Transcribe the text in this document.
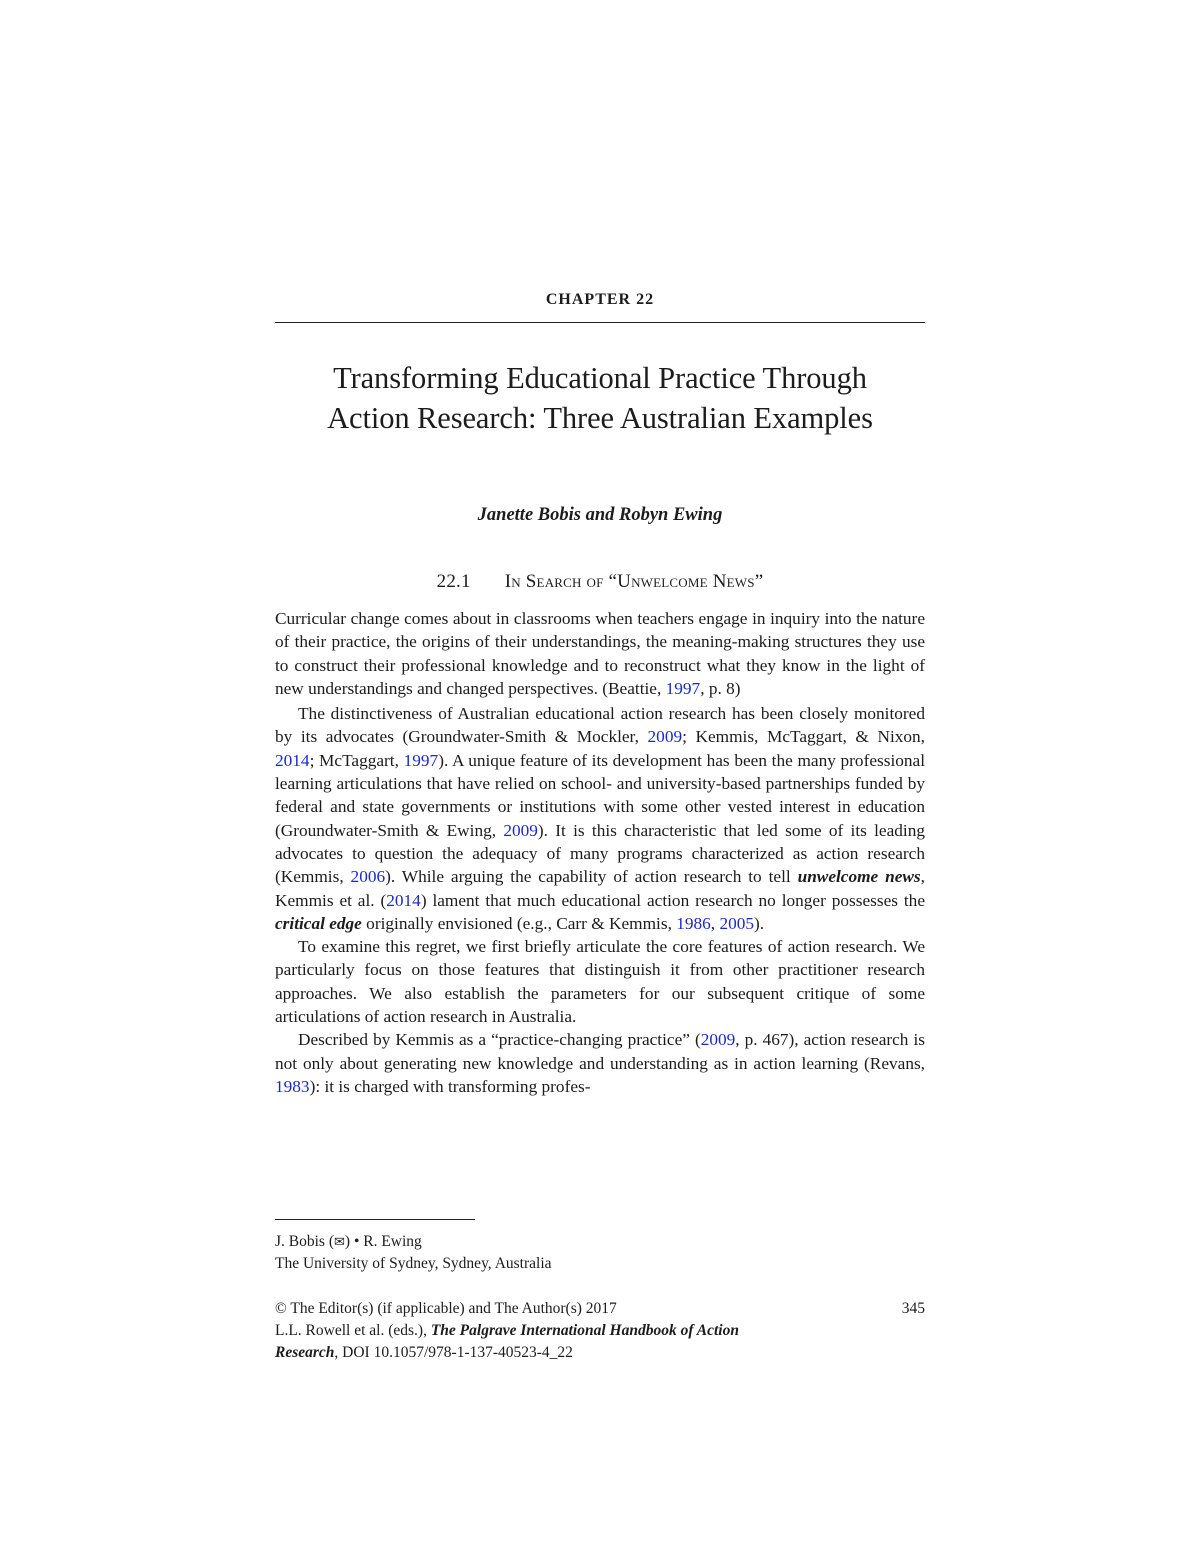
CHAPTER 22
Transforming Educational Practice Through
Action Research: Three Australian Examples
Janette Bobis and Robyn Ewing
22.1 In Search of “Unwelcome News”

Curricular change comes about in classrooms when teachers engage in inquiry into the nature of their practice, the origins of their understandings, the meaning-making structures they use to construct their professional knowledge and to reconstruct what they know in the light of new understandings and changed perspectives. (Beattie, 1997, p. 8)

The distinctiveness of Australian educational action research has been closely monitored by its advocates (Groundwater-Smith & Mockler, 2009; Kemmis, McTaggart, & Nixon, 2014; McTaggart, 1997). A unique feature of its development has been the many professional learning articulations that have relied on school- and university-based partnerships funded by federal and state governments or institutions with some other vested interest in education (Groundwater-Smith & Ewing, 2009). It is this characteristic that led some of its leading advocates to question the adequacy of many programs characterized as action research (Kemmis, 2006). While arguing the capability of action research to tell unwelcome news, Kemmis et al. (2014) lament that much educational action research no longer possesses the critical edge originally envisioned (e.g., Carr & Kemmis, 1986, 2005).

To examine this regret, we first briefly articulate the core features of action research. We particularly focus on those features that distinguish it from other practitioner research approaches. We also establish the parameters for our subsequent critique of some articulations of action research in Australia.

Described by Kemmis as a “practice-changing practice” (2009, p. 467), action research is not only about generating new knowledge and understanding as in action learning (Revans, 1983): it is charged with transforming profes-

J. Bobis (✉) • R. Ewing
The University of Sydney, Sydney, Australia
© The Editor(s) (if applicable) and The Author(s) 2017
L.L. Rowell et al. (eds.), The Palgrave International Handbook of Action
Research, DOI 10.1057/978-1-137-40523-4_22
345
